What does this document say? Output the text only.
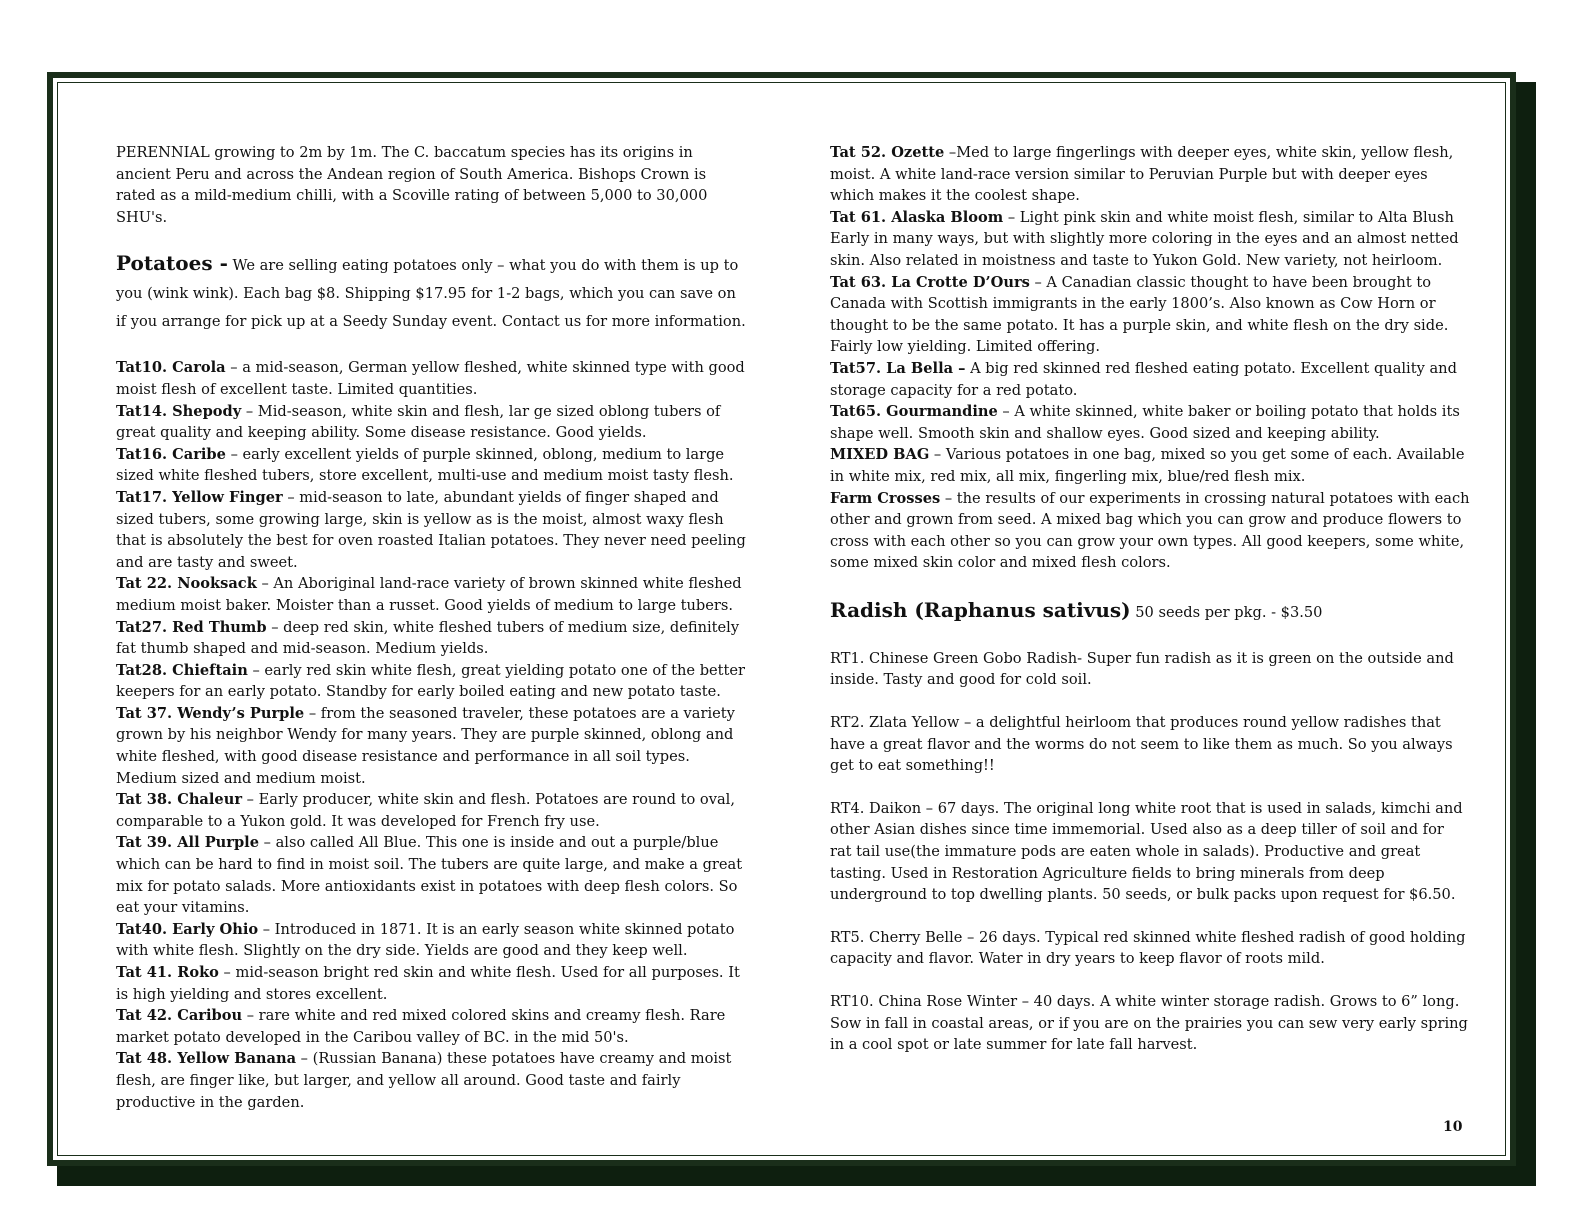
PERENNIAL growing to 2m by 1m. The C. baccatum species has its origins in ancient Peru and across the Andean region of South America. Bishops Crown is rated as a mild-medium chilli, with a Scoville rating of between 5,000 to 30,000 SHU's.

Potatoes - We are selling eating potatoes only – what you do with them is up to you (wink wink). Each bag $8. Shipping $17.95 for 1-2 bags, which you can save on if you arrange for pick up at a Seedy Sunday event. Contact us for more information.

Tat10. Carola – a mid-season, German yellow fleshed, white skinned type with good moist flesh of excellent taste. Limited quantities.

Tat14. Shepody – Mid-season, white skin and flesh, lar ge sized oblong tubers of great quality and keeping ability. Some disease resistance. Good yields.

Tat16. Caribe – early excellent yields of purple skinned, oblong, medium to large sized white fleshed tubers, store excellent, multi-use and medium moist tasty flesh.

Tat17. Yellow Finger – mid-season to late, abundant yields of finger shaped and sized tubers, some growing large, skin is yellow as is the moist, almost waxy flesh that is absolutely the best for oven roasted Italian potatoes. They never need peeling and are tasty and sweet.

Tat 22. Nooksack – An Aboriginal land-race variety of brown skinned white fleshed medium moist baker. Moister than a russet. Good yields of medium to large tubers.

Tat27. Red Thumb – deep red skin, white fleshed tubers of medium size, definitely fat thumb shaped and mid-season. Medium yields.

Tat28. Chieftain – early red skin white flesh, great yielding potato one of the better keepers for an early potato. Standby for early boiled eating and new potato taste.

Tat 37. Wendy’s Purple – from the seasoned traveler, these potatoes are a variety grown by his neighbor Wendy for many years. They are purple skinned, oblong and white fleshed, with good disease resistance and performance in all soil types. Medium sized and medium moist.

Tat 38. Chaleur – Early producer, white skin and flesh. Potatoes are round to oval, comparable to a Yukon gold. It was developed for French fry use.

Tat 39. All Purple – also called All Blue. This one is inside and out a purple/blue which can be hard to find in moist soil. The tubers are quite large, and make a great mix for potato salads. More antioxidants exist in potatoes with deep flesh colors. So eat your vitamins.

Tat40. Early Ohio – Introduced in 1871. It is an early season white skinned potato with white flesh. Slightly on the dry side. Yields are good and they keep well.

Tat 41. Roko – mid-season bright red skin and white flesh. Used for all purposes. It is high yielding and stores excellent.

Tat 42. Caribou – rare white and red mixed colored skins and creamy flesh. Rare market potato developed in the Caribou valley of BC. in the mid 50's.

Tat 48. Yellow Banana – (Russian Banana) these potatoes have creamy and moist flesh, are finger like, but larger, and yellow all around. Good taste and fairly productive in the garden.

Tat 52. Ozette –Med to large fingerlings with deeper eyes, white skin, yellow flesh, moist. A white land-race version similar to Peruvian Purple but with deeper eyes which makes it the coolest shape.

Tat 61. Alaska Bloom – Light pink skin and white moist flesh, similar to Alta Blush Early in many ways, but with slightly more coloring in the eyes and an almost netted skin. Also related in moistness and taste to Yukon Gold. New variety, not heirloom.

Tat 63. La Crotte D’Ours – A Canadian classic thought to have been brought to Canada with Scottish immigrants in the early 1800’s. Also known as Cow Horn or thought to be the same potato. It has a purple skin, and white flesh on the dry side. Fairly low yielding. Limited offering.

Tat57. La Bella – A big red skinned red fleshed eating potato. Excellent quality and storage capacity for a red potato.

Tat65. Gourmandine – A white skinned, white baker or boiling potato that holds its shape well. Smooth skin and shallow eyes. Good sized and keeping ability.

MIXED BAG – Various potatoes in one bag, mixed so you get some of each. Available in white mix, red mix, all mix, fingerling mix, blue/red flesh mix.

Farm Crosses – the results of our experiments in crossing natural potatoes with each other and grown from seed. A mixed bag which you can grow and produce flowers to cross with each other so you can grow your own types. All good keepers, some white, some mixed skin color and mixed flesh colors.

Radish (Raphanus sativus) 50 seeds per pkg. - $3.50

RT1. Chinese Green Gobo Radish- Super fun radish as it is green on the outside and inside. Tasty and good for cold soil.

RT2. Zlata Yellow – a delightful heirloom that produces round yellow radishes that have a great flavor and the worms do not seem to like them as much. So you always get to eat something!!

RT4. Daikon – 67 days. The original long white root that is used in salads, kimchi and other Asian dishes since time immemorial. Used also as a deep tiller of soil and for rat tail use(the immature pods are eaten whole in salads). Productive and great tasting. Used in Restoration Agriculture fields to bring minerals from deep underground to top dwelling plants. 50 seeds, or bulk packs upon request for $6.50.

RT5. Cherry Belle – 26 days. Typical red skinned white fleshed radish of good holding capacity and flavor. Water in dry years to keep flavor of roots mild.

RT10. China Rose Winter – 40 days. A white winter storage radish. Grows to 6” long. Sow in fall in coastal areas, or if you are on the prairies you can sew very early spring in a cool spot or late summer for late fall harvest.

10
